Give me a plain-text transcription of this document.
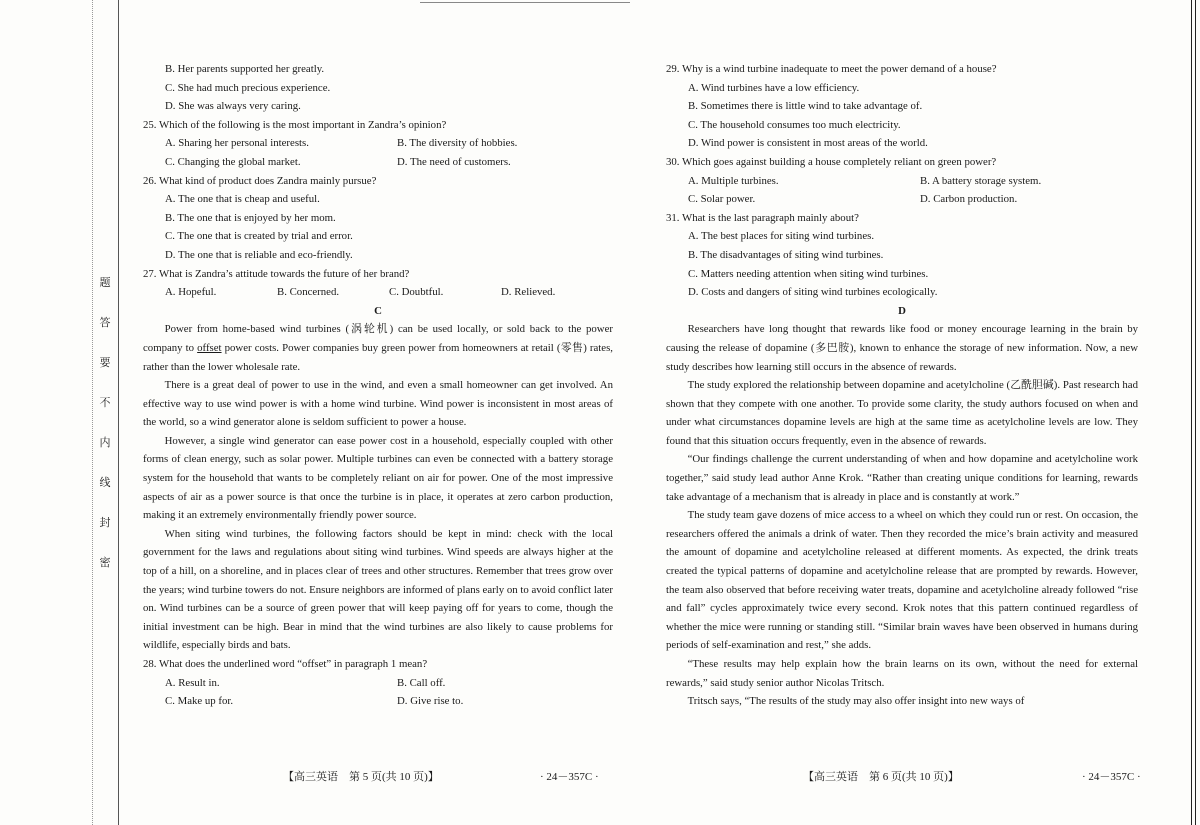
题
答
要
不
内
线
封
密
B. Her parents supported her greatly.
C. She had much precious experience.
D. She was always very caring.
25. Which of the following is the most important in Zandra’s opinion?
A. Sharing her personal interests.	B. The diversity of hobbies.
C. Changing the global market.	D. The need of customers.
26. What kind of product does Zandra mainly pursue?
A. The one that is cheap and useful.
B. The one that is enjoyed by her mom.
C. The one that is created by trial and error.
D. The one that is reliable and eco-friendly.
27. What is Zandra’s attitude towards the future of her brand?
A. Hopeful.	B. Concerned.	C. Doubtful.	D. Relieved.
C
Power from home-based wind turbines (涡轮机) can be used locally, or sold back to the power company to offset power costs. Power companies buy green power from homeowners at retail (零售) rates, rather than the lower wholesale rate.
There is a great deal of power to use in the wind, and even a small homeowner can get involved. An effective way to use wind power is with a home wind turbine. Wind power is inconsistent in most areas of the world, so a wind generator alone is seldom sufficient to power a house.
However, a single wind generator can ease power cost in a household, especially coupled with other forms of clean energy, such as solar power. Multiple turbines can even be connected with a battery storage system for the household that wants to be completely reliant on air for power. One of the most impressive aspects of air as a power source is that once the turbine is in place, it operates at zero carbon production, making it an extremely environmentally friendly power source.
When siting wind turbines, the following factors should be kept in mind: check with the local government for the laws and regulations about siting wind turbines. Wind speeds are always higher at the top of a hill, on a shoreline, and in places clear of trees and other structures. Remember that trees grow over the years; wind turbine towers do not. Ensure neighbors are informed of plans early on to avoid conflict later on. Wind turbines can be a source of green power that will keep paying off for years to come, though the initial investment can be high. Bear in mind that the wind turbines are also likely to cause problems for wildlife, especially birds and bats.
28. What does the underlined word “offset” in paragraph 1 mean?
A. Result in.	B. Call off.
C. Make up for.	D. Give rise to.
【高三英语　第 5 页(共 10 页)】	· 24－357C ·
29. Why is a wind turbine inadequate to meet the power demand of a house?
A. Wind turbines have a low efficiency.
B. Sometimes there is little wind to take advantage of.
C. The household consumes too much electricity.
D. Wind power is consistent in most areas of the world.
30. Which goes against building a house completely reliant on green power?
A. Multiple turbines.	B. A battery storage system.
C. Solar power.	D. Carbon production.
31. What is the last paragraph mainly about?
A. The best places for siting wind turbines.
B. The disadvantages of siting wind turbines.
C. Matters needing attention when siting wind turbines.
D. Costs and dangers of siting wind turbines ecologically.
D
Researchers have long thought that rewards like food or money encourage learning in the brain by causing the release of dopamine (多巴胺), known to enhance the storage of new information. Now, a new study describes how learning still occurs in the absence of rewards.
The study explored the relationship between dopamine and acetylcholine (乙酰胆碱). Past research had shown that they compete with one another. To provide some clarity, the study authors focused on when and under what circumstances dopamine levels are high at the same time as acetylcholine levels are low. They found that this situation occurs frequently, even in the absence of rewards.
“Our findings challenge the current understanding of when and how dopamine and acetylcholine work together,” said study lead author Anne Krok. “Rather than creating unique conditions for learning, rewards take advantage of a mechanism that is already in place and is constantly at work.”
The study team gave dozens of mice access to a wheel on which they could run or rest. On occasion, the researchers offered the animals a drink of water. Then they recorded the mice’s brain activity and measured the amount of dopamine and acetylcholine released at different moments. As expected, the drink treats created the typical patterns of dopamine and acetylcholine release that are prompted by rewards. However, the team also observed that before receiving water treats, dopamine and acetylcholine already followed “rise and fall” cycles approximately twice every second. Krok notes that this pattern continued regardless of whether the mice were running or standing still. “Similar brain waves have been observed in humans during periods of self-examination and rest,” she adds.
“These results may help explain how the brain learns on its own, without the need for external rewards,” said study senior author Nicolas Tritsch.
Tritsch says, “The results of the study may also offer insight into new ways of
【高三英语　第 6 页(共 10 页)】	· 24－357C ·
